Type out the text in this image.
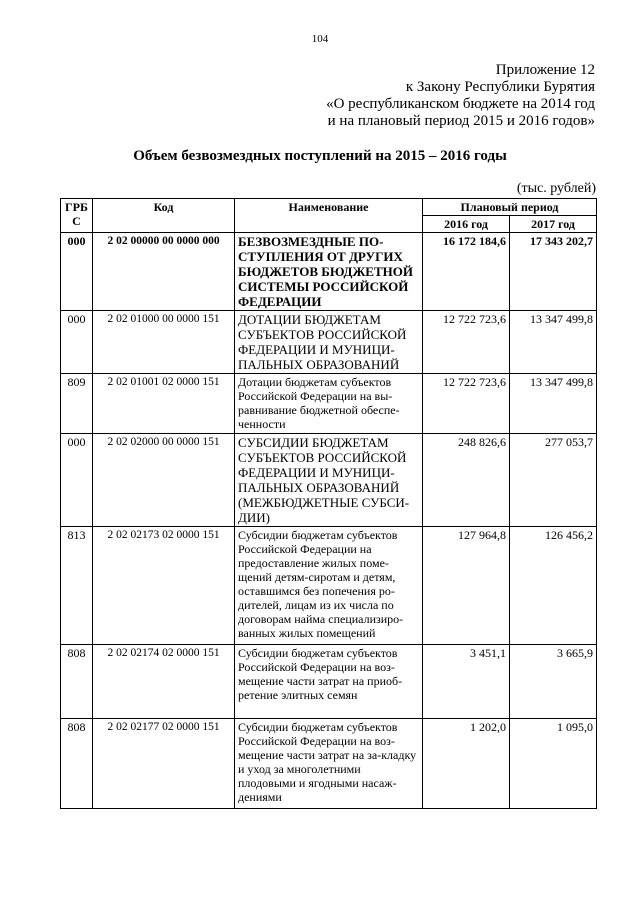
104
Приложение 12
к Закону Республики Бурятия
«О республиканском бюджете на 2014 год
и на плановый период 2015 и 2016 годов»
Объем безвозмездных поступлений на 2015 – 2016 годы
(тыс. рублей)
ГРБС	Код	Наименование	Плановый период	
			2016 год	2017 год
000	2 02 00000 00 0000 000	БЕЗВОЗМЕЗДНЫЕ ПО-СТУПЛЕНИЯ ОТ ДРУГИХ БЮДЖЕТОВ БЮДЖЕТНОЙ СИСТЕМЫ РОССИЙСКОЙ ФЕДЕРАЦИИ	16 172 184,6	17 343 202,7
000	2 02 01000 00 0000 151	ДОТАЦИИ БЮДЖЕТАМ СУБЪЕКТОВ РОССИЙСКОЙ ФЕДЕРАЦИИ И МУНИЦИ-ПАЛЬНЫХ ОБРАЗОВАНИЙ	12 722 723,6	13 347 499,8
809	2 02 01001 02 0000 151	Дотации бюджетам субъектов Российской Федерации на вы-равнивание бюджетной обеспе-ченности	12 722 723,6	13 347 499,8
000	2 02 02000 00 0000 151	СУБСИДИИ БЮДЖЕТАМ СУБЪЕКТОВ РОССИЙСКОЙ ФЕДЕРАЦИИ И МУНИЦИ-ПАЛЬНЫХ ОБРАЗОВАНИЙ (МЕЖБЮДЖЕТНЫЕ СУБСИ-ДИИ)	248 826,6	277 053,7
813	2 02 02173 02 0000 151	Субсидии бюджетам субъектов Российской Федерации на предоставление жилых поме-щений детям-сиротам и детям, оставшимся без попечения ро-дителей, лицам из их числа по договорам найма специализиро-ванных жилых помещений	127 964,8	126 456,2
808	2 02 02174 02 0000 151	Субсидии бюджетам субъектов Российской Федерации на воз-мещение части затрат на приоб-ретение элитных семян	3 451,1	3 665,9
808	2 02 02177 02 0000 151	Субсидии бюджетам субъектов Российской Федерации на воз-мещение части затрат на за-кладку и уход за многолетними плодовыми и ягодными насаж-дениями	1 202,0	1 095,0
